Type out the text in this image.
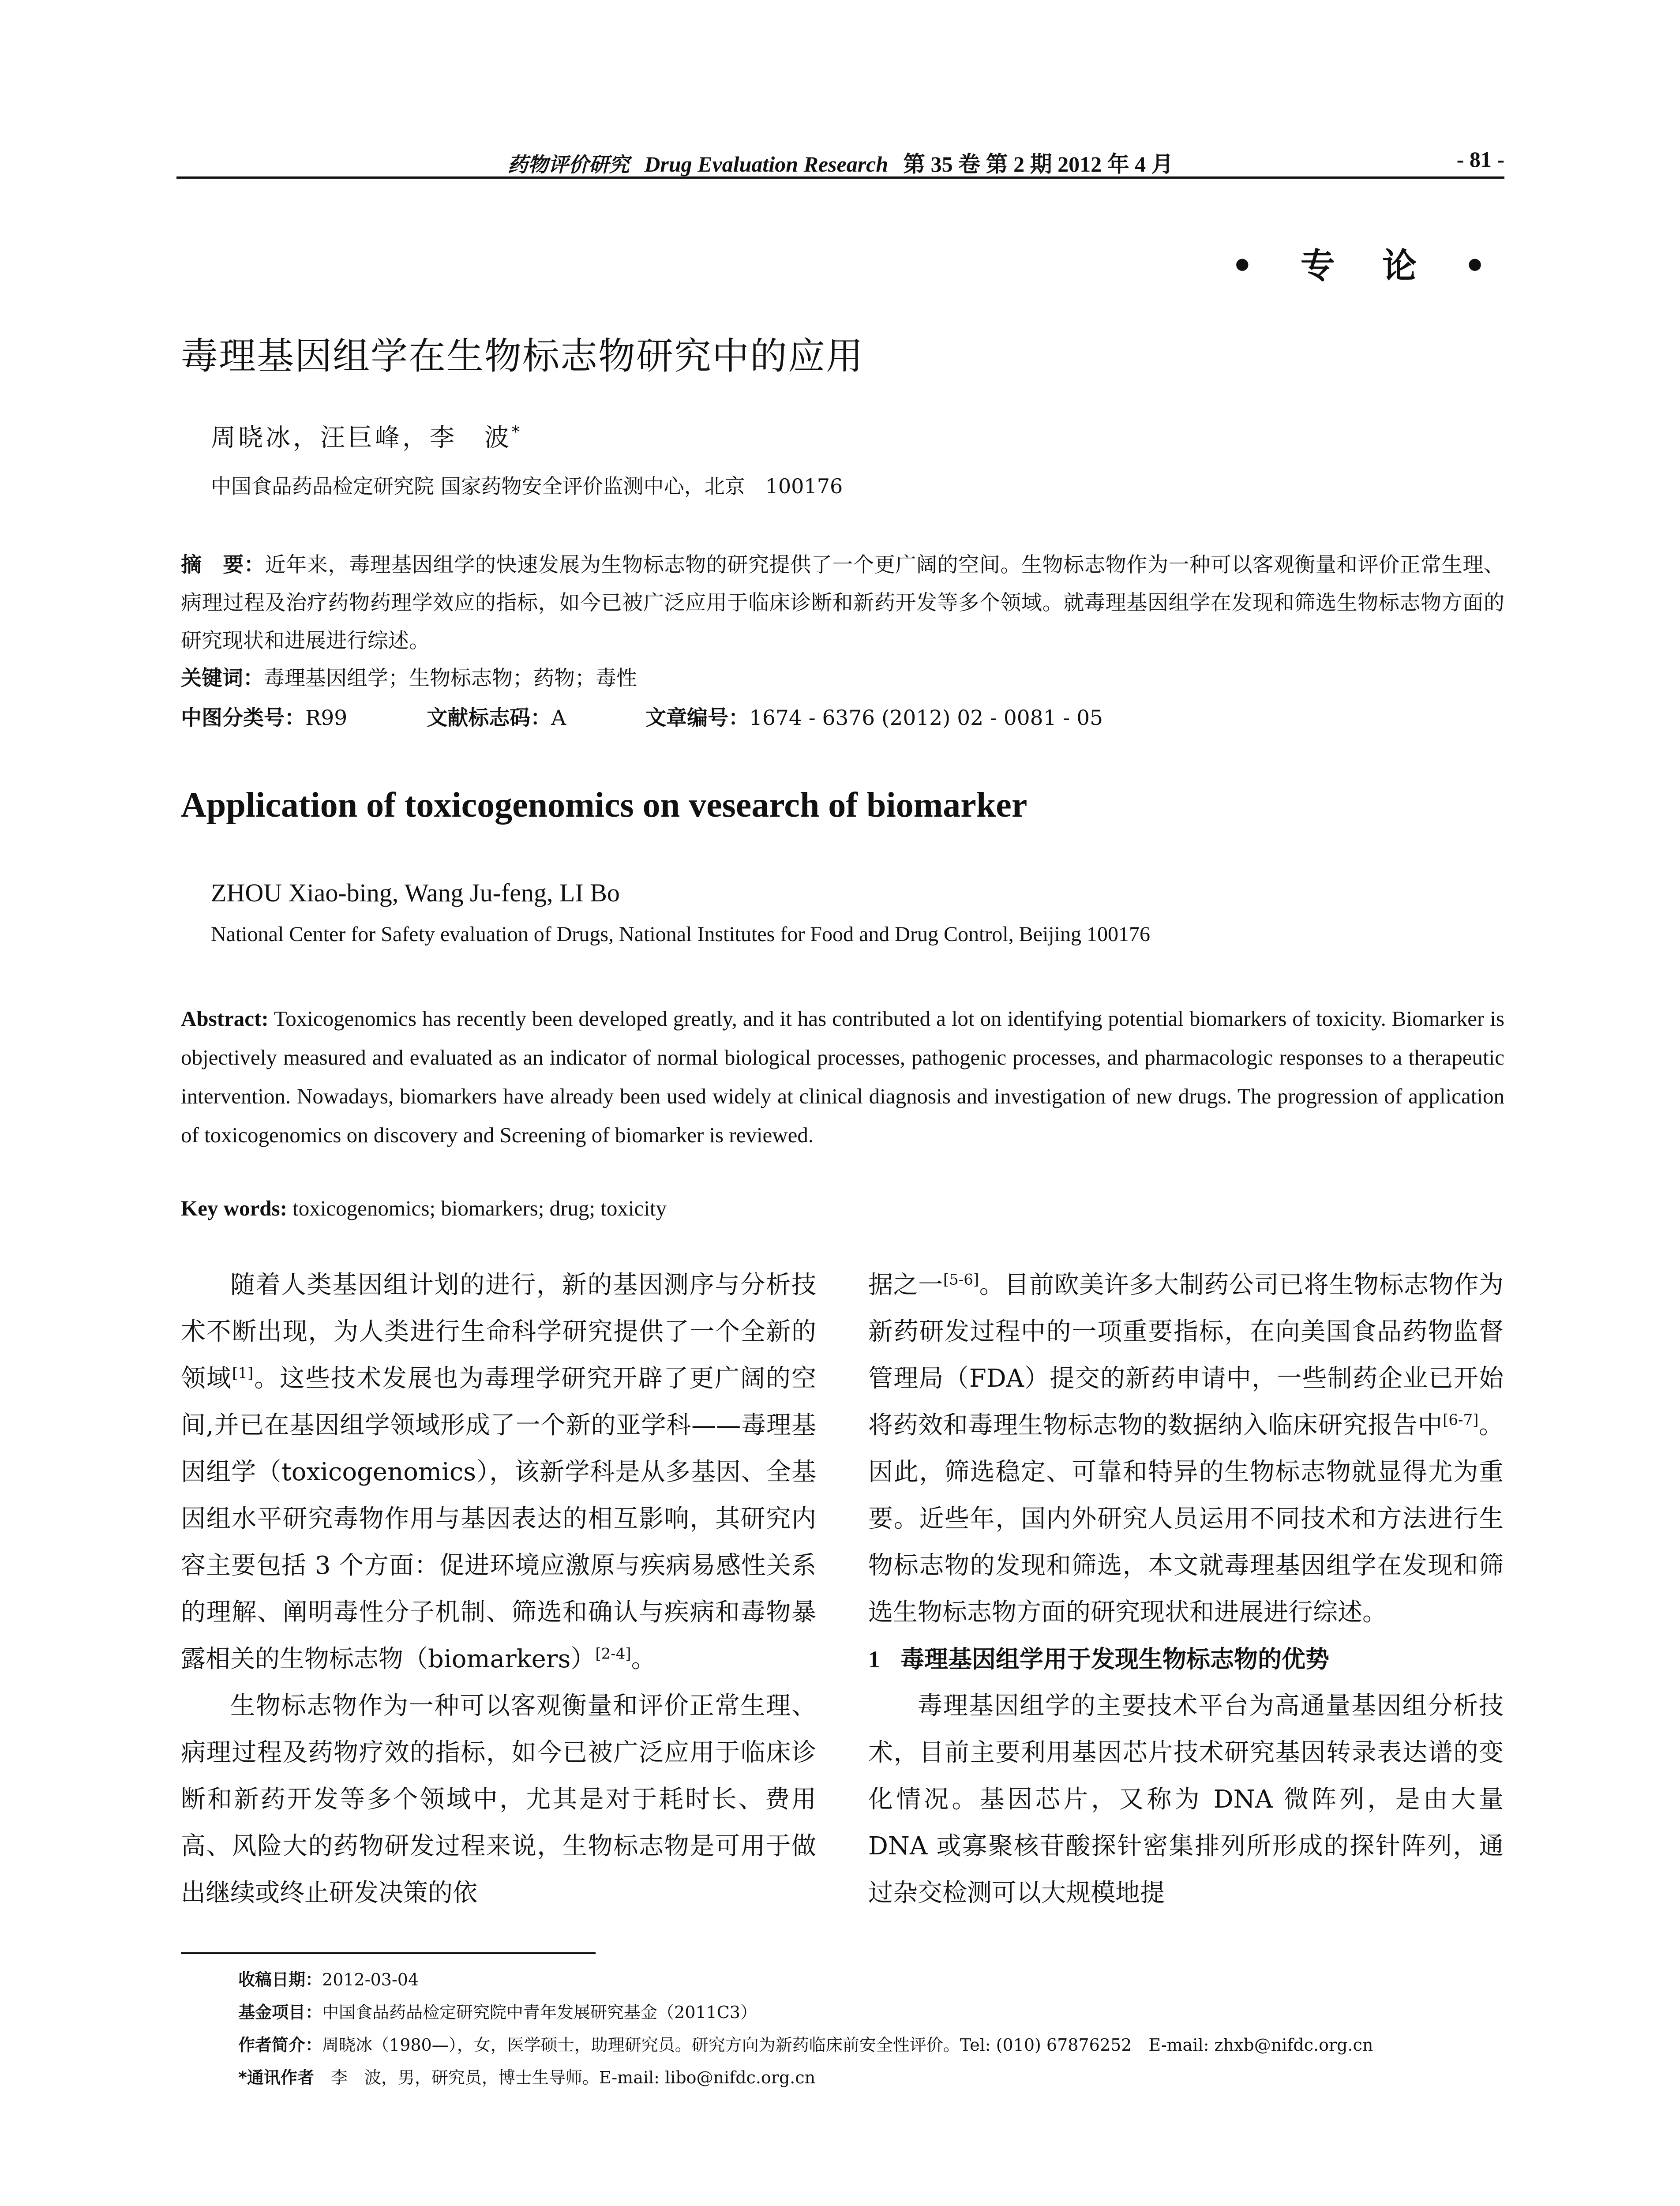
药物评价研究 Drug Evaluation Research 第 35 卷 第 2 期 2012 年 4 月	- 81 -
• 专 论 •
毒理基因组学在生物标志物研究中的应用
周晓冰，汪巨峰，李　波*
中国食品药品检定研究院 国家药物安全评价监测中心，北京　100176
摘　要：近年来，毒理基因组学的快速发展为生物标志物的研究提供了一个更广阔的空间。生物标志物作为一种可以客观衡量和评价正常生理、病理过程及治疗药物药理学效应的指标，如今已被广泛应用于临床诊断和新药开发等多个领域。就毒理基因组学在发现和筛选生物标志物方面的研究现状和进展进行综述。
关键词：毒理基因组学；生物标志物；药物；毒性
中图分类号：R99	文献标志码：A	文章编号：1674 - 6376 (2012) 02 - 0081 - 05
Application of toxicogenomics on vesearch of biomarker
ZHOU Xiao-bing, Wang Ju-feng, LI Bo
National Center for Safety evaluation of Drugs, National Institutes for Food and Drug Control, Beijing 100176
Abstract: Toxicogenomics has recently been developed greatly, and it has contributed a lot on identifying potential biomarkers of toxicity. Biomarker is objectively measured and evaluated as an indicator of normal biological processes, pathogenic processes, and pharmacologic responses to a therapeutic intervention. Nowadays, biomarkers have already been used widely at clinical diagnosis and investigation of new drugs. The progression of application of toxicogenomics on discovery and Screening of biomarker is reviewed.
Key words: toxicogenomics; biomarkers; drug; toxicity

随着人类基因组计划的进行，新的基因测序与分析技术不断出现，为人类进行生命科学研究提供了一个全新的领域[1]。这些技术发展也为毒理学研究开辟了更广阔的空间,并已在基因组学领域形成了一个新的亚学科——毒理基因组学（toxicogenomics），该新学科是从多基因、全基因组水平研究毒物作用与基因表达的相互影响，其研究内容主要包括 3 个方面：促进环境应激原与疾病易感性关系的理解、阐明毒性分子机制、筛选和确认与疾病和毒物暴露相关的生物标志物（biomarkers）[2-4]。

生物标志物作为一种可以客观衡量和评价正常生理、病理过程及药物疗效的指标，如今已被广泛应用于临床诊断和新药开发等多个领域中，尤其是对于耗时长、费用高、风险大的药物研发过程来说，生物标志物是可用于做出继续或终止研发决策的依

据之一[5-6]。目前欧美许多大制药公司已将生物标志物作为新药研发过程中的一项重要指标，在向美国食品药物监督管理局（FDA）提交的新药申请中，一些制药企业已开始将药效和毒理生物标志物的数据纳入临床研究报告中[6-7]。因此，筛选稳定、可靠和特异的生物标志物就显得尤为重要。近些年，国内外研究人员运用不同技术和方法进行生物标志物的发现和筛选，本文就毒理基因组学在发现和筛选生物标志物方面的研究现状和进展进行综述。

1 毒理基因组学用于发现生物标志物的优势

毒理基因组学的主要技术平台为高通量基因组分析技术，目前主要利用基因芯片技术研究基因转录表达谱的变化情况。基因芯片，又称为 DNA 微阵列，是由大量 DNA 或寡聚核苷酸探针密集排列所形成的探针阵列，通过杂交检测可以大规模地提

收稿日期：2012-03-04
基金项目：中国食品药品检定研究院中青年发展研究基金（2011C3）
作者简介：周晓冰（1980—），女，医学硕士，助理研究员。研究方向为新药临床前安全性评价。Tel: (010) 67876252　E-mail: zhxb@nifdc.org.cn
*通讯作者　李　波，男，研究员，博士生导师。E-mail: libo@nifdc.org.cn
